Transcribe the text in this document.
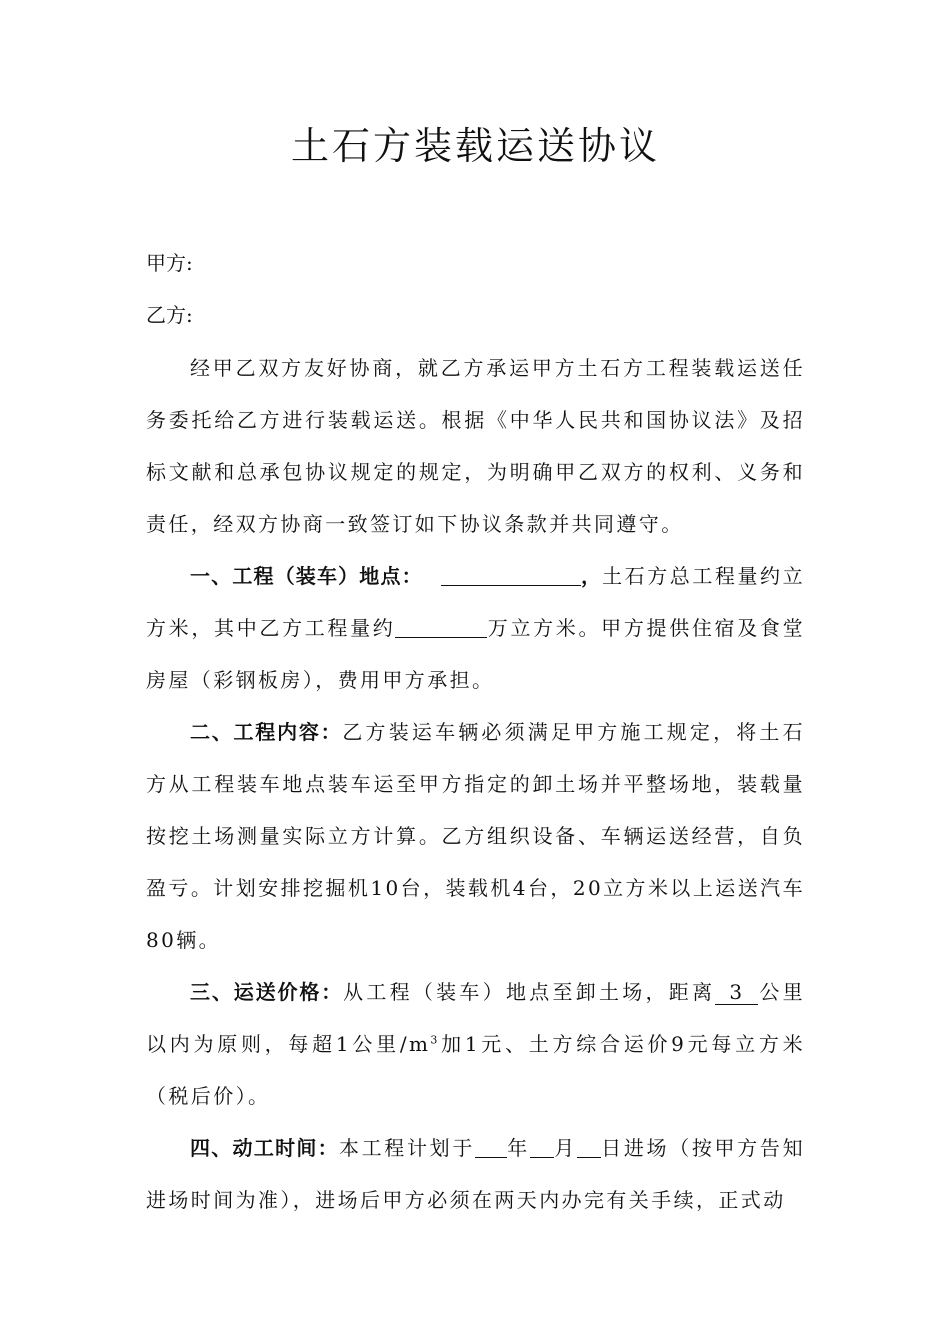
土石方装载运送协议

甲方:

乙方:

经甲乙双方友好协商，就乙方承运甲方土石方工程装载运送任务委托给乙方进行装载运送。根据《中华人民共和国协议法》及招标文献和总承包协议规定的规定，为明确甲乙双方的权利、义务和责任，经双方协商一致签订如下协议条款并共同遵守。

一、工程（装车）地点：	，土石方总工程量约立方米，其中乙方工程量约	万立方米。甲方提供住宿及食堂房屋（彩钢板房），费用甲方承担。

二、工程内容：乙方装运车辆必须满足甲方施工规定，将土石方从工程装车地点装车运至甲方指定的卸土场并平整场地，装载量按挖土场测量实际立方计算。乙方组织设备、车辆运送经营，自负盈亏。计划安排挖掘机10台，装载机4台，20立方米以上运送汽车80辆。

三、运送价格：从工程（装车）地点至卸土场，距离 3 公里以内为原则，每超1公里$/m^3$加1元、土方综合运价9元每立方米（税后价）。

四、动工时间：本工程计划于 年 月 日进场（按甲方告知进场时间为准），进场后甲方必须在两天内办完有关手续，正式动
